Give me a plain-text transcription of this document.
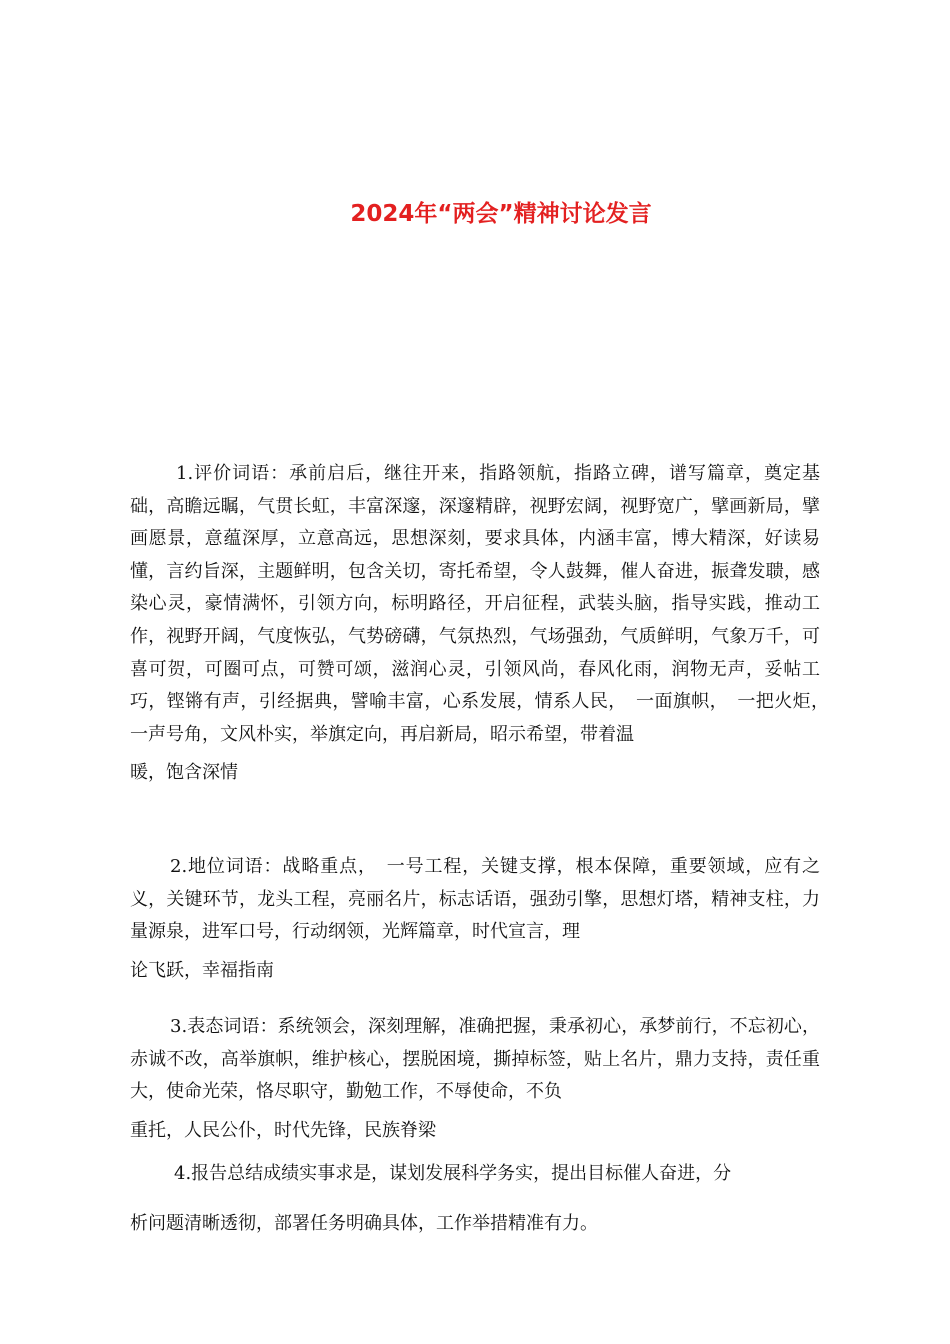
2024年“两会”精神讨论发言

1.评价词语：承前启后，继往开来，指路领航，指路立碑，谱写篇章，奠定基础，高瞻远瞩，气贯长虹，丰富深邃，深邃精辟，视野宏阔，视野宽广，擘画新局，擘画愿景，意蕴深厚，立意高远，思想深刻，要求具体，内涵丰富，博大精深，好读易懂，言约旨深，主题鲜明，包含关切，寄托希望，令人鼓舞，催人奋进，振聋发聩，感染心灵，豪情满怀，引领方向，标明路径，开启征程，武装头脑，指导实践，推动工作，视野开阔，气度恢弘，气势磅礴，气氛热烈，气场强劲，气质鲜明，气象万千，可喜可贺，可圈可点，可赞可颂，滋润心灵，引领风尚，春风化雨，润物无声，妥帖工巧，铿锵有声，引经据典，譬喻丰富，心系发展，情系人民，　一面旗帜，　一把火炬，　一声号角，文风朴实，举旗定向，再启新局，昭示希望，带着温

暖，饱含深情

2.地位词语：战略重点，　一号工程，关键支撑，根本保障，重要领域，应有之义，关键环节，龙头工程，亮丽名片，标志话语，强劲引擎，思想灯塔，精神支柱，力量源泉，进军口号，行动纲领，光辉篇章，时代宣言，理

论飞跃，幸福指南

3.表态词语：系统领会，深刻理解，准确把握，秉承初心，承梦前行，不忘初心，赤诚不改，高举旗帜，维护核心，摆脱困境，撕掉标签，贴上名片，鼎力支持，责任重大，使命光荣，恪尽职守，勤勉工作，不辱使命，不负

重托，人民公仆，时代先锋，民族脊梁

4.报告总结成绩实事求是，谋划发展科学务实，提出目标催人奋进，分

析问题清晰透彻，部署任务明确具体，工作举措精准有力。
